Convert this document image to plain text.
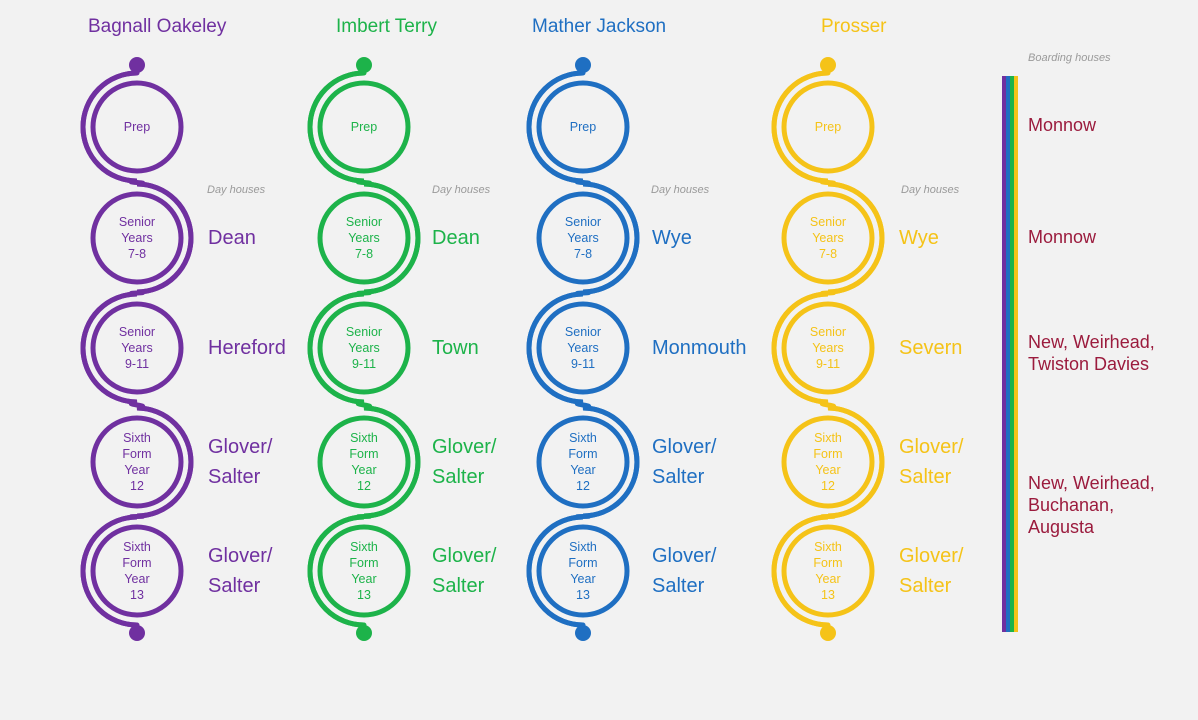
Bagnall Oakeley	Imbert Terry	Mather Jackson	Prosser
Day houses	Day houses	Day houses	Day houses
Prep
Senior
Years
7-8
Dean
Senior
Years
9-11
Hereford
Sixth
Form
Year
12
Glover/
Salter
Sixth
Form
Year
13
Glover/
Salter
Prep
Senior
Years
7-8
Dean
Senior
Years
9-11
Town
Sixth
Form
Year
12
Glover/
Salter
Sixth
Form
Year
13
Glover/
Salter
Prep
Senior
Years
7-8
Wye
Senior
Years
9-11
Monmouth
Sixth
Form
Year
12
Glover/
Salter
Sixth
Form
Year
13
Glover/
Salter
Prep
Senior
Years
7-8
Wye
Senior
Years
9-11
Severn
Sixth
Form
Year
12
Glover/
Salter
Sixth
Form
Year
13
Glover/
Salter
Boarding houses
Monnow
Monnow
New, Weirhead,
Twiston Davies
New, Weirhead,
Buchanan,
Augusta
